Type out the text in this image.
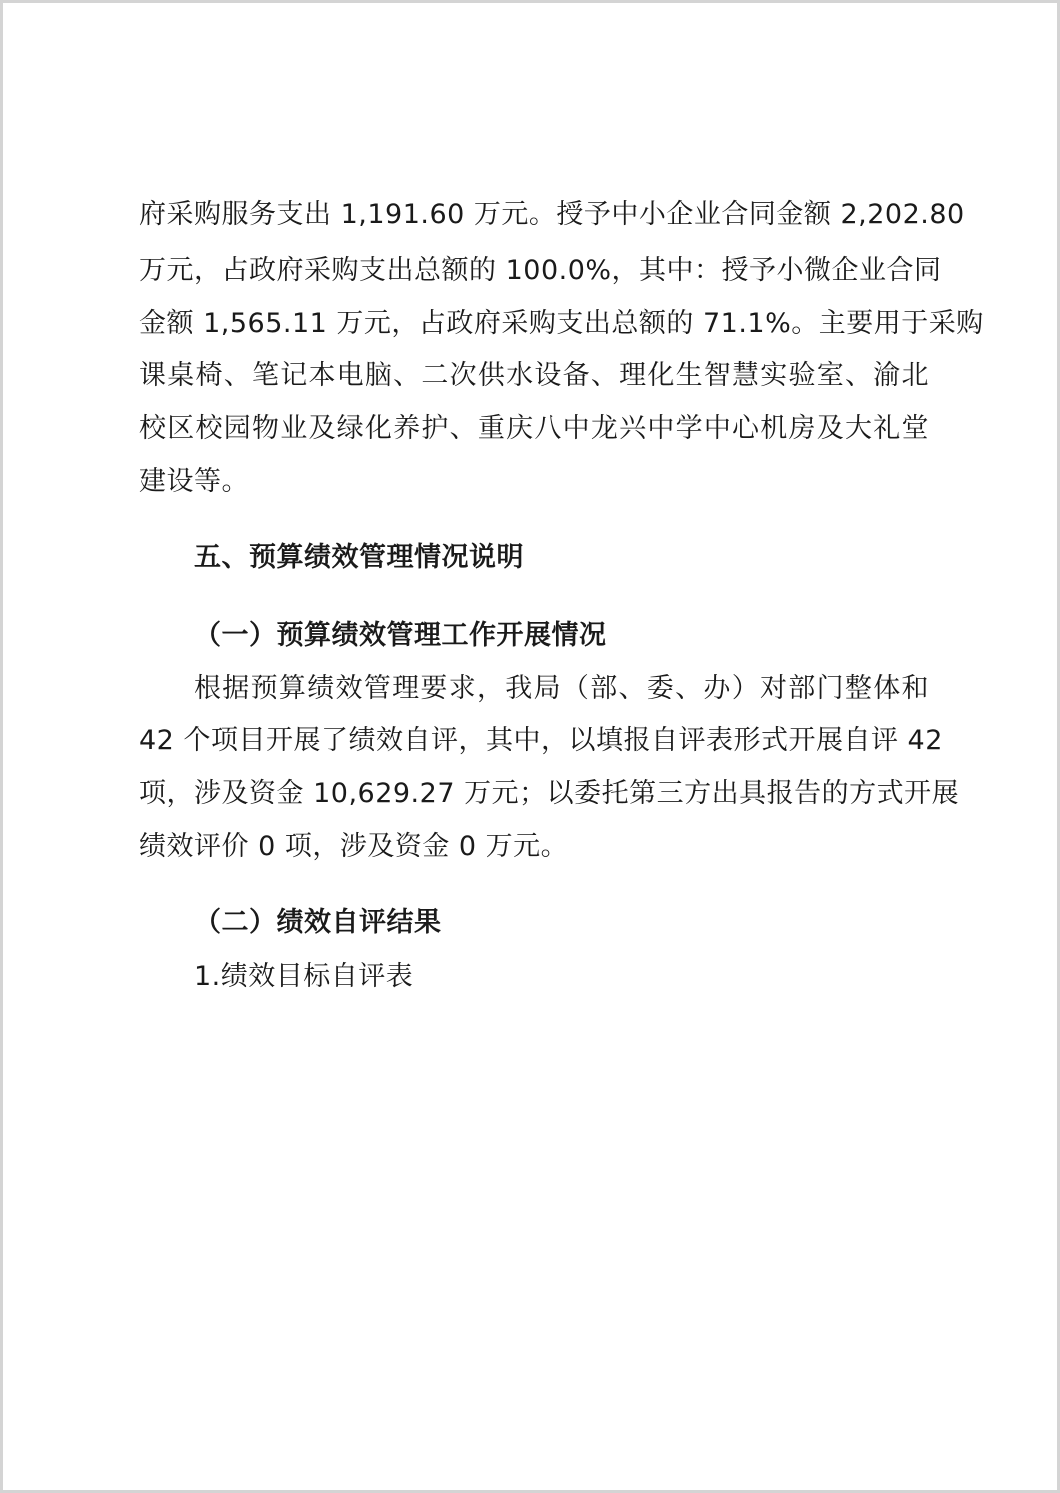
府采购服务支出 1,191.60 万元。授予中小企业合同金额 2,202.80
万元，占政府采购支出总额的 100.0%，其中：授予小微企业合同
金额 1,565.11 万元，占政府采购支出总额的 71.1%。主要用于采购
课桌椅、笔记本电脑、二次供水设备、理化生智慧实验室、渝北
校区校园物业及绿化养护、重庆八中龙兴中学中心机房及大礼堂
建设等。
五、预算绩效管理情况说明
（一）预算绩效管理工作开展情况
根据预算绩效管理要求，我局（部、委、办）对部门整体和
42 个项目开展了绩效自评，其中，以填报自评表形式开展自评 42
项，涉及资金 10,629.27 万元；以委托第三方出具报告的方式开展
绩效评价 0 项，涉及资金 0 万元。
（二）绩效自评结果
1.绩效目标自评表
